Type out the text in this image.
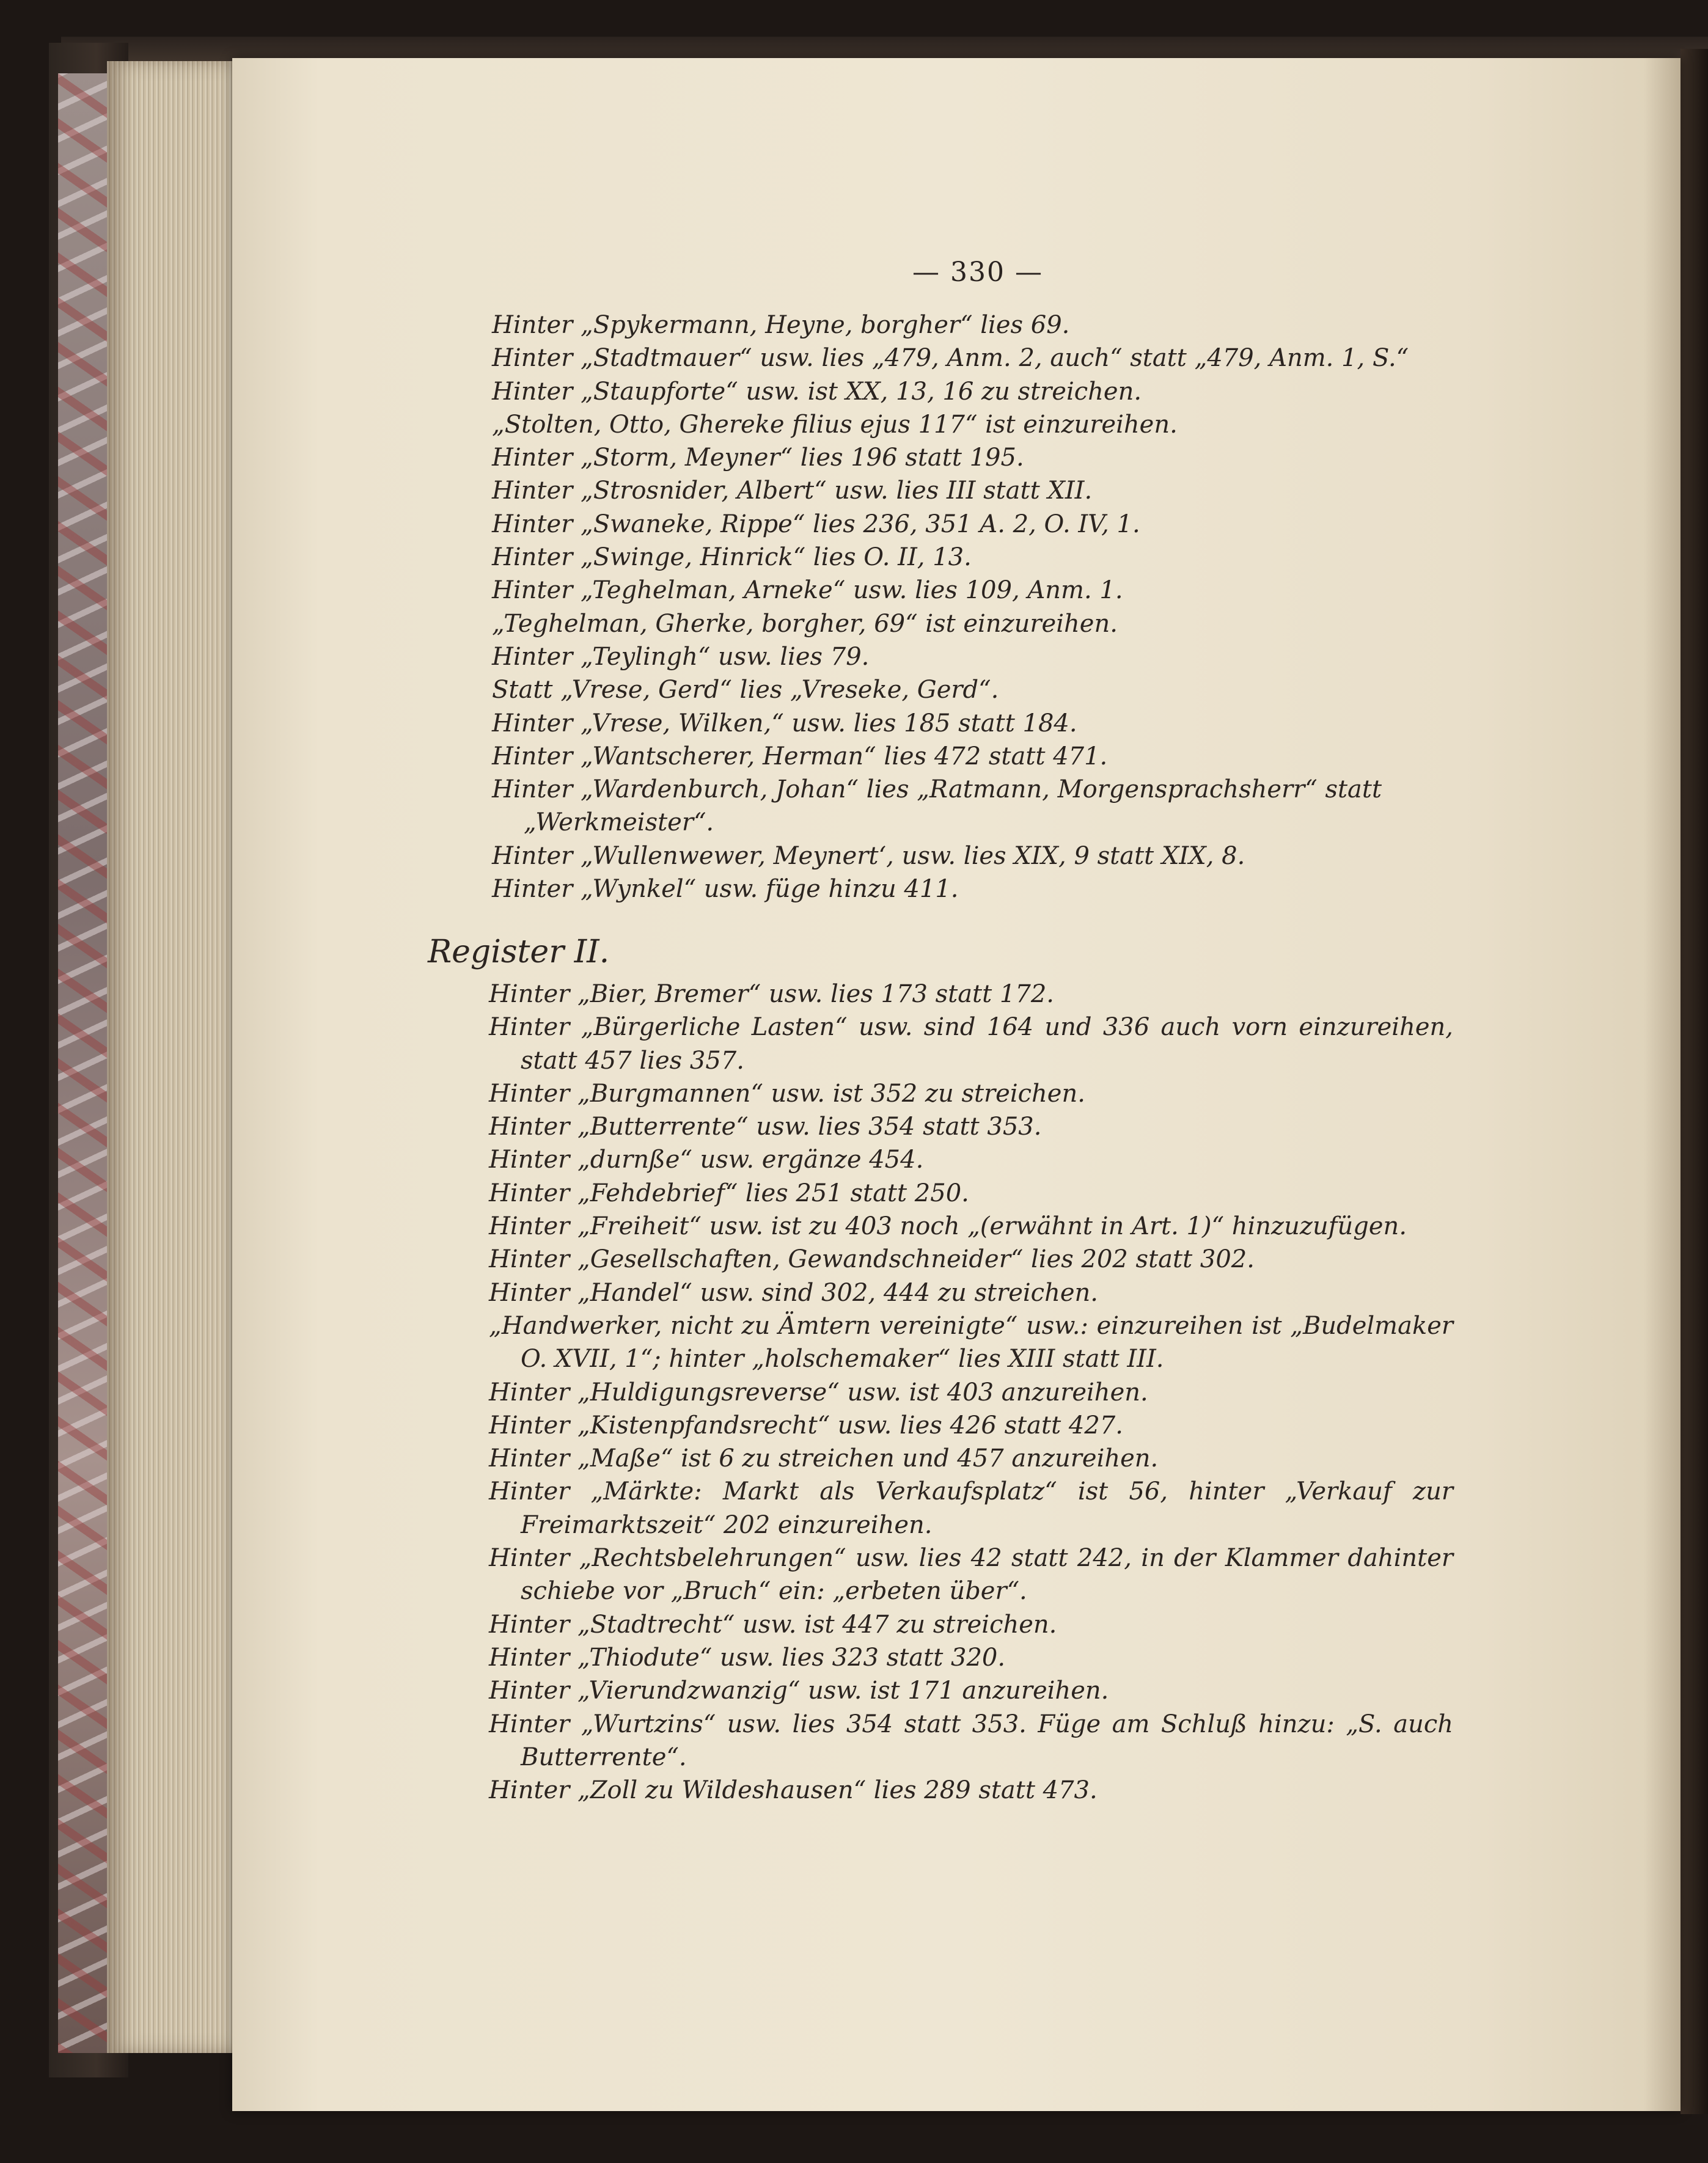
— 330 —
Hinter „Spykermann, Heyne, borgher“ lies 69.
Hinter „Stadtmauer“ usw. lies „479, Anm. 2, auch“ statt „479, Anm. 1, S.“
Hinter „Staupforte“ usw. ist XX, 13, 16 zu streichen.
„Stolten, Otto, Ghereke filius ejus 117“ ist einzureihen.
Hinter „Storm, Meyner“ lies 196 statt 195.
Hinter „Strosnider, Albert“ usw. lies III statt XII.
Hinter „Swaneke, Rippe“ lies 236, 351 A. 2, O. IV, 1.
Hinter „Swinge, Hinrick“ lies O. II, 13.
Hinter „Teghelman, Arneke“ usw. lies 109, Anm. 1.
„Teghelman, Gherke, borgher, 69“ ist einzureihen.
Hinter „Teylingh“ usw. lies 79.
Statt „Vrese, Gerd“ lies „Vreseke, Gerd“.
Hinter „Vrese, Wilken,“ usw. lies 185 statt 184.
Hinter „Wantscherer, Herman“ lies 472 statt 471.
Hinter „Wardenburch, Johan“ lies „Ratmann, Morgensprachsherr“ statt „Werkmeister“.
Hinter „Wullenwewer, Meynert‘, usw. lies XIX, 9 statt XIX, 8.
Hinter „Wynkel“ usw. füge hinzu 411.
Register II.
Hinter „Bier, Bremer“ usw. lies 173 statt 172.
Hinter „Bürgerliche Lasten“ usw. sind 164 und 336 auch vorn einzureihen, statt 457 lies 357.
Hinter „Burgmannen“ usw. ist 352 zu streichen.
Hinter „Butterrente“ usw. lies 354 statt 353.
Hinter „durnße“ usw. ergänze 454.
Hinter „Fehdebrief“ lies 251 statt 250.
Hinter „Freiheit“ usw. ist zu 403 noch „(erwähnt in Art. 1)“ hinzuzufügen.
Hinter „Gesellschaften, Gewandschneider“ lies 202 statt 302.
Hinter „Handel“ usw. sind 302, 444 zu streichen.
„Handwerker, nicht zu Ämtern vereinigte“ usw.: einzureihen ist „Budelmaker O. XVII, 1“; hinter „holschemaker“ lies XIII statt III.
Hinter „Huldigungsreverse“ usw. ist 403 anzureihen.
Hinter „Kistenpfandsrecht“ usw. lies 426 statt 427.
Hinter „Maße“ ist 6 zu streichen und 457 anzureihen.
Hinter „Märkte: Markt als Verkaufsplatz“ ist 56, hinter „Verkauf zur Freimarktszeit“ 202 einzureihen.
Hinter „Rechtsbelehrungen“ usw. lies 42 statt 242, in der Klammer dahinter schiebe vor „Bruch“ ein: „erbeten über“.
Hinter „Stadtrecht“ usw. ist 447 zu streichen.
Hinter „Thiodute“ usw. lies 323 statt 320.
Hinter „Vierundzwanzig“ usw. ist 171 anzureihen.
Hinter „Wurtzins“ usw. lies 354 statt 353. Füge am Schluß hinzu: „S. auch Butterrente“.
Hinter „Zoll zu Wildeshausen“ lies 289 statt 473.
